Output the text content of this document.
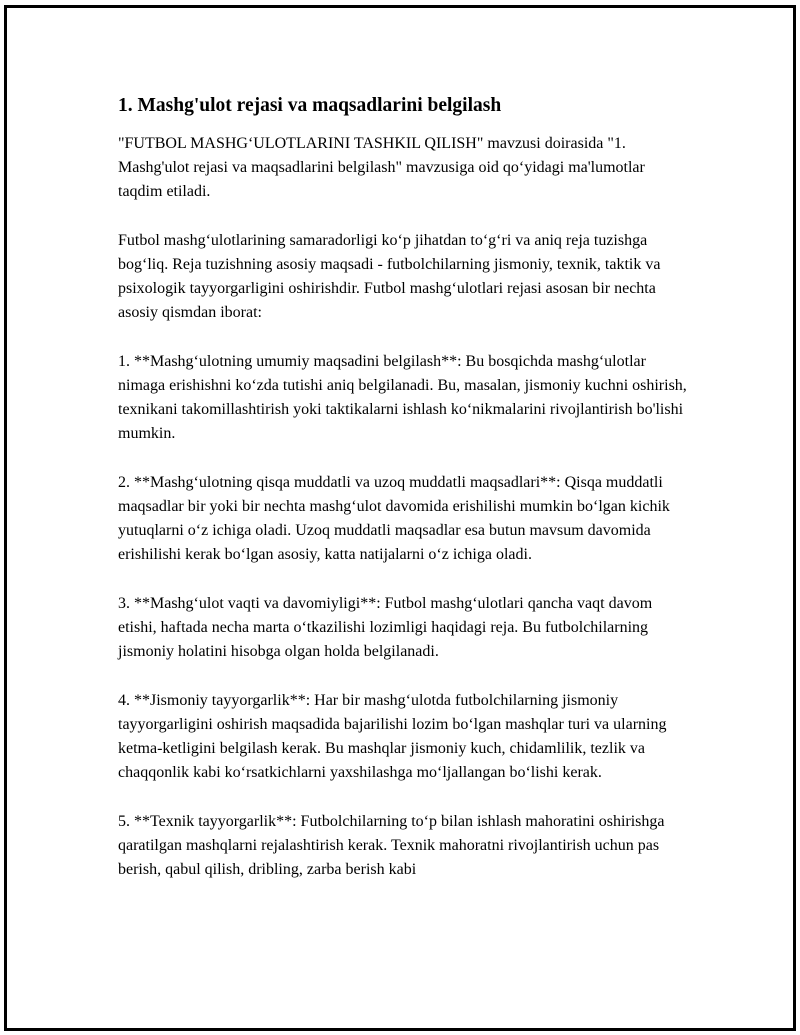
1. Mashg'ulot rejasi va maqsadlarini belgilash

"FUTBOL MASHG‘ULOTLARINI TASHKIL QILISH" mavzusi doirasida "1. Mashg'ulot rejasi va maqsadlarini belgilash" mavzusiga oid qo‘yidagi ma'lumotlar taqdim etiladi.

Futbol mashg‘ulotlarining samaradorligi ko‘p jihatdan to‘g‘ri va aniq reja tuzishga bog‘liq. Reja tuzishning asosiy maqsadi - futbolchilarning jismoniy, texnik, taktik va psixologik tayyorgarligini oshirishdir. Futbol mashg‘ulotlari rejasi asosan bir nechta asosiy qismdan iborat:

1. **Mashg‘ulotning umumiy maqsadini belgilash**: Bu bosqichda mashg‘ulotlar nimaga erishishni ko‘zda tutishi aniq belgilanadi. Bu, masalan, jismoniy kuchni oshirish, texnikani takomillashtirish yoki taktikalarni ishlash ko‘nikmalarini rivojlantirish bo'lishi mumkin.

2. **Mashg‘ulotning qisqa muddatli va uzoq muddatli maqsadlari**: Qisqa muddatli maqsadlar bir yoki bir nechta mashg‘ulot davomida erishilishi mumkin bo‘lgan kichik yutuqlarni o‘z ichiga oladi. Uzoq muddatli maqsadlar esa butun mavsum davomida erishilishi kerak bo‘lgan asosiy, katta natijalarni o‘z ichiga oladi.

3. **Mashg‘ulot vaqti va davomiyligi**: Futbol mashg‘ulotlari qancha vaqt davom etishi, haftada necha marta o‘tkazilishi lozimligi haqidagi reja. Bu futbolchilarning jismoniy holatini hisobga olgan holda belgilanadi.

4. **Jismoniy tayyorgarlik**: Har bir mashg‘ulotda futbolchilarning jismoniy tayyorgarligini oshirish maqsadida bajarilishi lozim bo‘lgan mashqlar turi va ularning ketma-ketligini belgilash kerak. Bu mashqlar jismoniy kuch, chidamlilik, tezlik va chaqqonlik kabi ko‘rsatkichlarni yaxshilashga mo‘ljallangan bo‘lishi kerak.

5. **Texnik tayyorgarlik**: Futbolchilarning to‘p bilan ishlash mahoratini oshirishga qaratilgan mashqlarni rejalashtirish kerak. Texnik mahoratni rivojlantirish uchun pas berish, qabul qilish, dribling, zarba berish kabi
